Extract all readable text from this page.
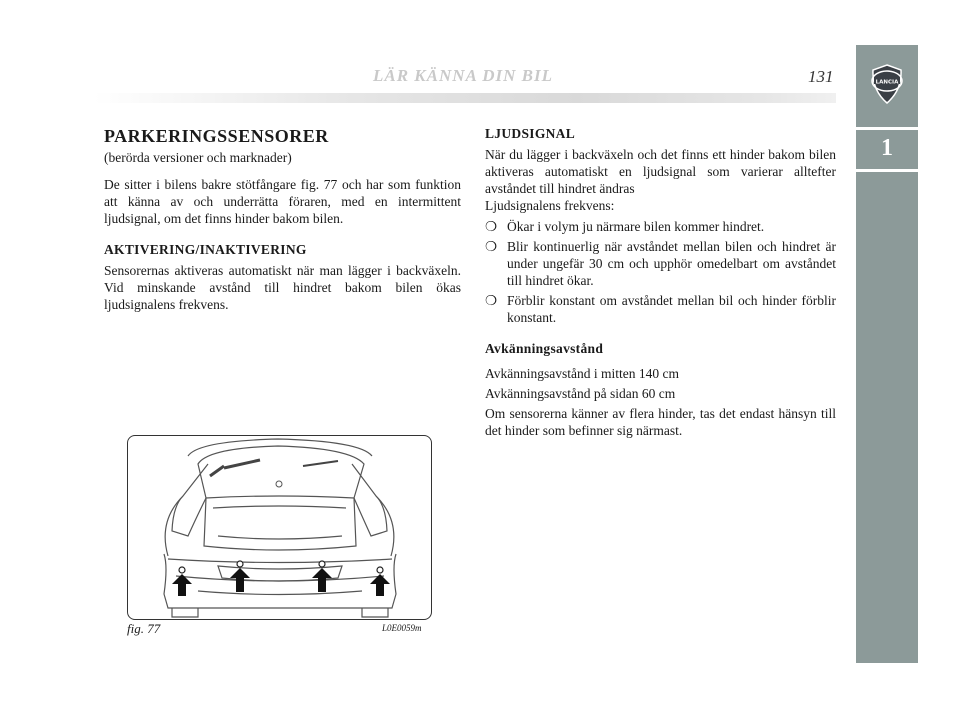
LÄR KÄNNA DIN BIL	131	LANCIA
1
PARKERINGSSENSORER
(berörda versioner och marknader)

De sitter i bilens bakre stötfångare fig. 77 och har som funktion att känna av och underrätta föraren, med en intermittent ljudsignal, om det finns hinder bakom bilen.

AKTIVERING/INAKTIVERING

Sensorernas aktiveras automatiskt när man lägger i backväxeln. Vid minskande avstånd till hindret bakom bilen ökas ljudsignalens frekvens.

LJUDSIGNAL

När du lägger i backväxeln och det finns ett hinder bakom bilen aktiveras automatiskt en ljudsignal som varierar alltefter avståndet till hindret ändras

Ljudsignalens frekvens:

❍ Ökar i volym ju närmare bilen kommer hindret.
❍ Blir kontinuerlig när avståndet mellan bilen och hindret är under ungefär 30 cm och upphör omedelbart om avståndet till hindret ökar.
❍ Förblir konstant om avståndet mellan bil och hinder förblir konstant.
Avkänningsavstånd

Avkänningsavstånd i mitten 140 cm

Avkänningsavstånd på sidan 60 cm

Om sensorerna känner av flera hinder, tas det endast hänsyn till det hinder som befinner sig närmast.

fig. 77	L0E0059m
